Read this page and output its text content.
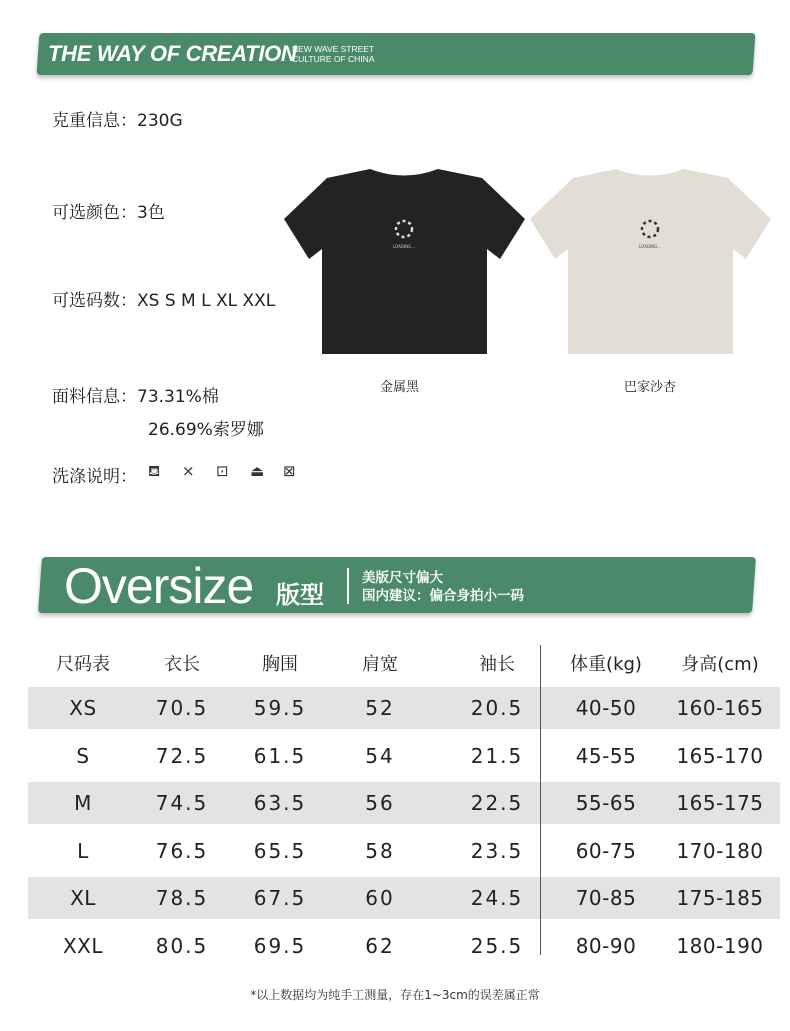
THE WAY OF CREATION
NEW WAVE STREET
CULTURE OF CHINA
克重信息：230G
可选颜色：3色
可选码数：XS S M L XL XXL
面料信息：73.31%棉
26.69%索罗娜
洗涤说明： ⛾ ⨯ ⊡ ⏏ ⊠
LOADING...	LOADING...
金属黑	巴家沙杏
Oversize 版型
美版尺寸偏大
国内建议：偏合身拍小一码
尺码表	衣长	胸围	肩宽	袖长	体重(kg)	身高(cm)
XS	70.5	59.5	52	20.5	40-50	160-165
S	72.5	61.5	54	21.5	45-55	165-170
M	74.5	63.5	56	22.5	55-65	165-175
L	76.5	65.5	58	23.5	60-75	170-180
XL	78.5	67.5	60	24.5	70-85	175-185
XXL	80.5	69.5	62	25.5	80-90	180-190
*以上数据均为纯手工测量，存在1~3cm的误差属正常
